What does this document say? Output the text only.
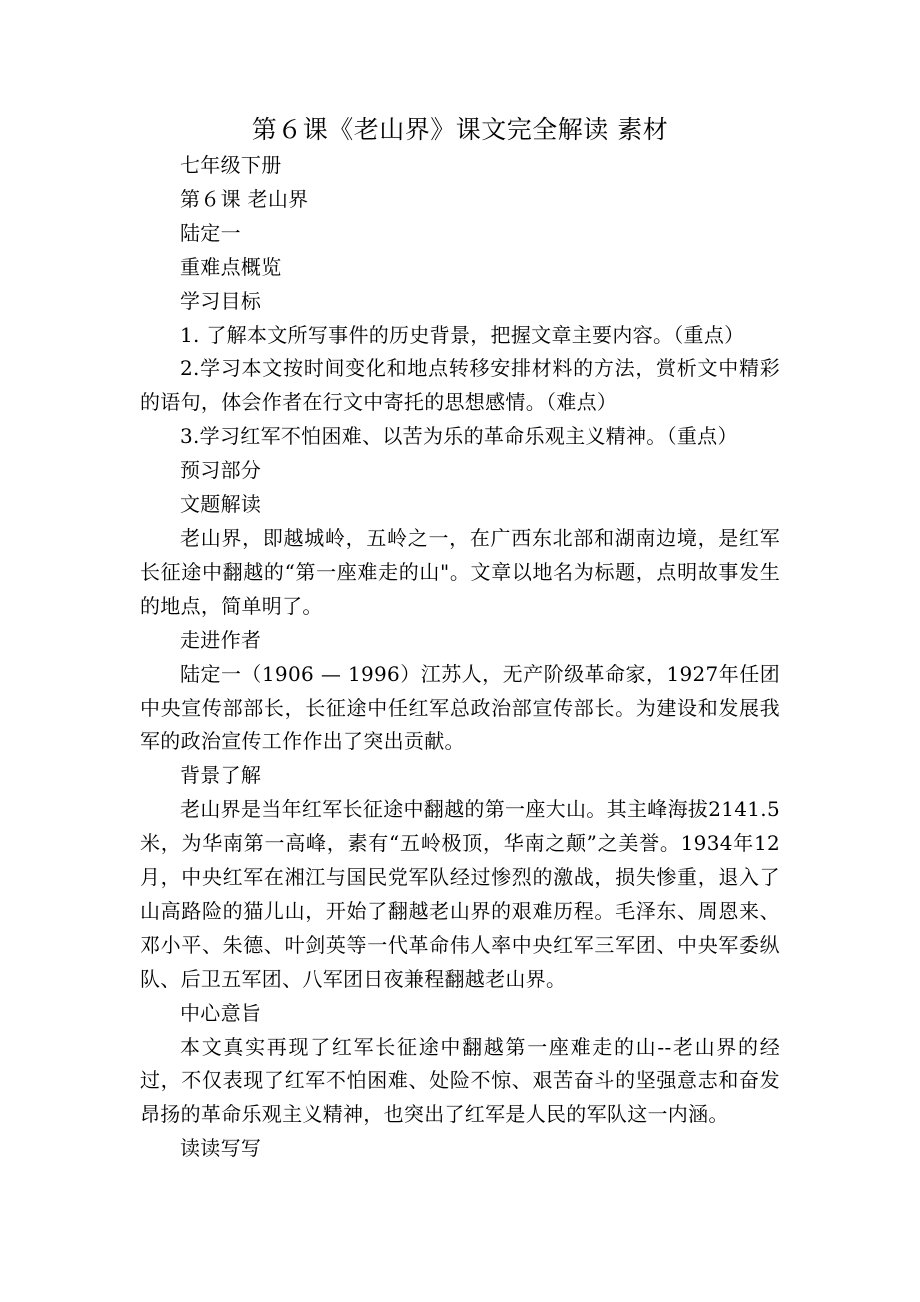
第６课《老山界》课文完全解读 素材

七年级下册

第６课 老山界

陆定一

重难点概览

学习目标

1. 了解本文所写事件的历史背景，把握文章主要内容。（重点）

2.学习本文按时间变化和地点转移安排材料的方法，赏析文中精彩的语句，体会作者在行文中寄托的思想感情。（难点）

3.学习红军不怕困难、以苦为乐的革命乐观主义精神。（重点）

预习部分

文题解读

老山界，即越城岭，五岭之一，在广西东北部和湖南边境，是红军长征途中翻越的“第一座难走的山"。文章以地名为标题，点明故事发生的地点，简单明了。

走进作者

陆定一（1906 — 1996）江苏人，无产阶级革命家，1927年任团中央宣传部部长，长征途中任红军总政治部宣传部长。为建设和发展我军的政治宣传工作作出了突出贡献。

背景了解

老山界是当年红军长征途中翻越的第一座大山。其主峰海拔2141.5米，为华南第一高峰，素有“五岭极顶，华南之颠”之美誉。1934年12月，中央红军在湘江与国民党军队经过惨烈的激战，损失惨重，退入了山高路险的猫儿山，开始了翻越老山界的艰难历程。毛泽东、周恩来、邓小平、朱德、叶剑英等一代革命伟人率中央红军三军团、中央军委纵队、后卫五军团、八军团日夜兼程翻越老山界。

中心意旨

本文真实再现了红军长征途中翻越第一座难走的山--老山界的经过，不仅表现了红军不怕困难、处险不惊、艰苦奋斗的坚强意志和奋发昂扬的革命乐观主义精神，也突出了红军是人民的军队这一内涵。

读读写写
